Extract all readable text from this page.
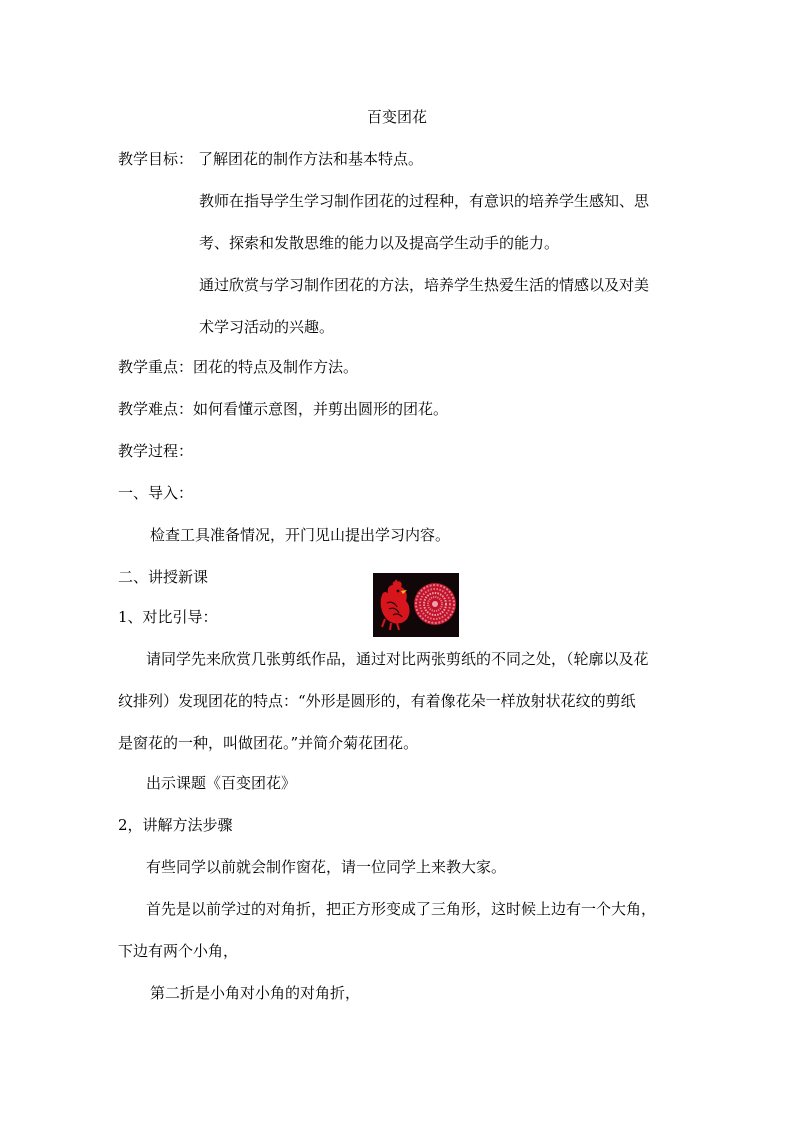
百变团花
教学目标： 了解团花的制作方法和基本特点。
教师在指导学生学习制作团花的过程种，有意识的培养学生感知、思
考、探索和发散思维的能力以及提高学生动手的能力。
通过欣赏与学习制作团花的方法，培养学生热爱生活的情感以及对美
术学习活动的兴趣。
教学重点：团花的特点及制作方法。
教学难点：如何看懂示意图，并剪出圆形的团花。
教学过程：
一、导入：
检查工具准备情况，开门见山提出学习内容。
二、讲授新课
1、对比引导：
请同学先来欣赏几张剪纸作品，通过对比两张剪纸的不同之处，（轮廓以及花
纹排列）发现团花的特点：“外形是圆形的，有着像花朵一样放射状花纹的剪纸
是窗花的一种，叫做团花。”并简介菊花团花。
出示课题《百变团花》
2，讲解方法步骤
有些同学以前就会制作窗花，请一位同学上来教大家。
首先是以前学过的对角折，把正方形变成了三角形，这时候上边有一个大角，
下边有两个小角，
第二折是小角对小角的对角折，
